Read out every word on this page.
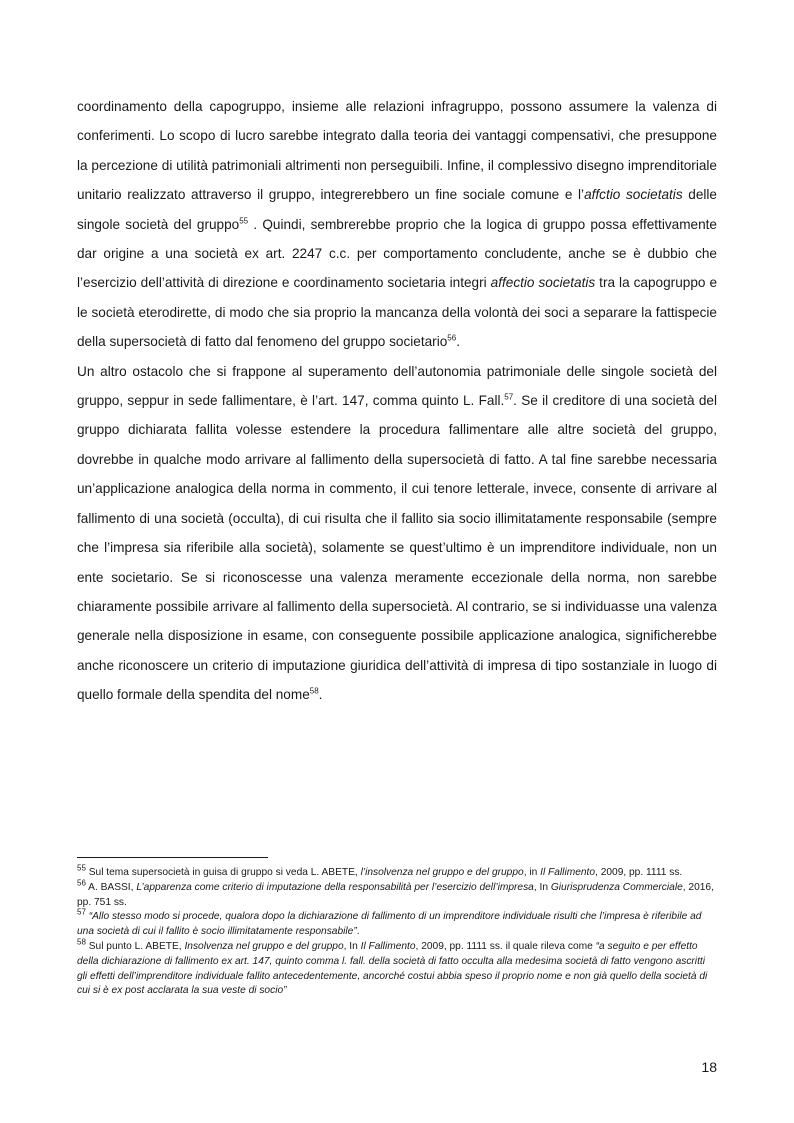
coordinamento della capogruppo, insieme alle relazioni infragruppo, possono assumere la valenza di conferimenti. Lo scopo di lucro sarebbe integrato dalla teoria dei vantaggi compensativi, che presuppone la percezione di utilità patrimoniali altrimenti non perseguibili. Infine, il complessivo disegno imprenditoriale unitario realizzato attraverso il gruppo, integrerebbero un fine sociale comune e l’affctio societatis delle singole società del gruppo$^{55}$ . Quindi, sembrerebbe proprio che la logica di gruppo possa effettivamente dar origine a una società ex art. 2247 c.c. per comportamento concludente, anche se è dubbio che l’esercizio dell’attività di direzione e coordinamento societaria integri affectio societatis tra la capogruppo e le società eterodirette, di modo che sia proprio la mancanza della volontà dei soci a separare la fattispecie della supersocietà di fatto dal fenomeno del gruppo societario$^{56}$.

Un altro ostacolo che si frappone al superamento dell’autonomia patrimoniale delle singole società del gruppo, seppur in sede fallimentare, è l’art. 147, comma quinto L. Fall.$^{57}$. Se il creditore di una società del gruppo dichiarata fallita volesse estendere la procedura fallimentare alle altre società del gruppo, dovrebbe in qualche modo arrivare al fallimento della supersocietà di fatto. A tal fine sarebbe necessaria un’applicazione analogica della norma in commento, il cui tenore letterale, invece, consente di arrivare al fallimento di una società (occulta), di cui risulta che il fallito sia socio illimitatamente responsabile (sempre che l’impresa sia riferibile alla società), solamente se quest’ultimo è un imprenditore individuale, non un ente societario. Se si riconoscesse una valenza meramente eccezionale della norma, non sarebbe chiaramente possibile arrivare al fallimento della supersocietà. Al contrario, se si individuasse una valenza generale nella disposizione in esame, con conseguente possibile applicazione analogica, significherebbe anche riconoscere un criterio di imputazione giuridica dell’attività di impresa di tipo sostanziale in luogo di quello formale della spendita del nome$^{58}$.

$^{55}$ Sul tema supersocietà in guisa di gruppo si veda L. ABETE, l’insolvenza nel gruppo e del gruppo, in Il Fallimento, 2009, pp. 1111 ss.

$^{56}$ A. BASSI, L’apparenza come criterio di imputazione della responsabilità per l’esercizio dell’impresa, In Giurisprudenza Commerciale, 2016, pp. 751 ss.

$^{57}$ “Allo stesso modo si procede, qualora dopo la dichiarazione di fallimento di un imprenditore individuale risulti che l’impresa è riferibile ad una società di cui il fallito è socio illimitatamente responsabile”.

$^{58}$ Sul punto L. ABETE, Insolvenza nel gruppo e del gruppo, In Il Fallimento, 2009, pp. 1111 ss. il quale rileva come “a seguito e per effetto della dichiarazione di fallimento ex art. 147, quinto comma l. fall. della società di fatto occulta alla medesima società di fatto vengono ascritti gli effetti dell’imprenditore individuale fallito antecedentemente, ancorché costui abbia speso il proprio nome e non già quello della società di cui si è ex post acclarata la sua veste di socio”

18
